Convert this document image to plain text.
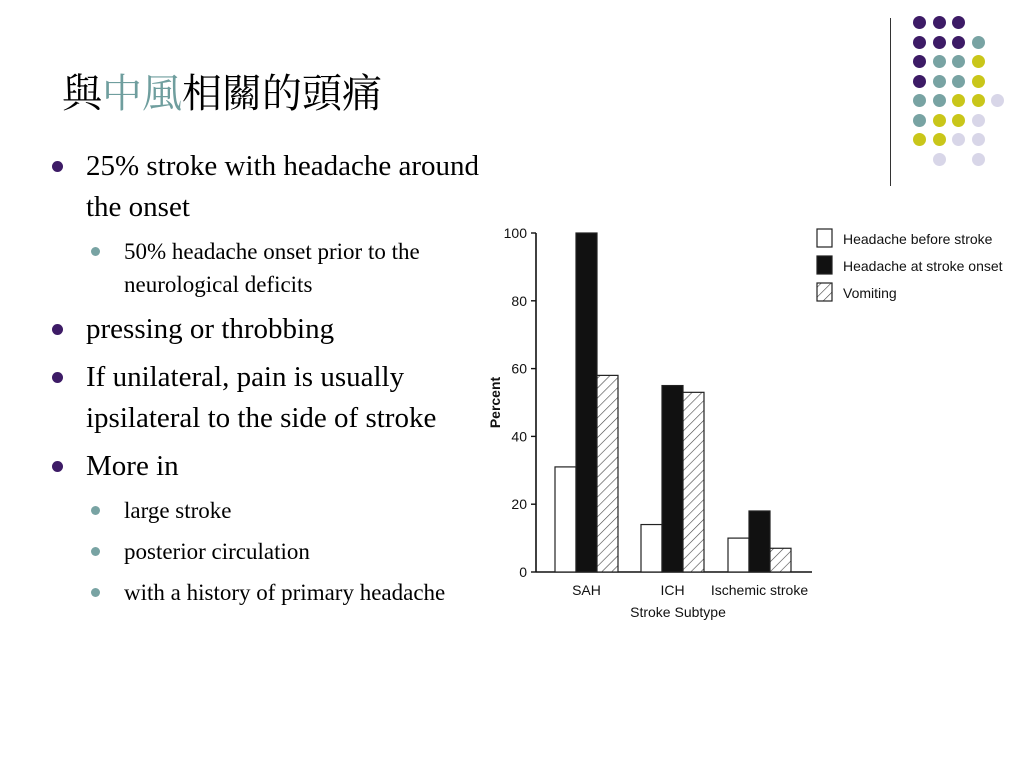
與中風相關的頭痛
25% stroke with headache around the onset
50% headache onset prior to the neurological deficits
pressing or throbbing
If unilateral, pain is usually ipsilateral to the side of stroke
More in
large stroke
posterior circulation
with a history of primary headache
0
20
40
60
80
100
Percent
Stroke Subtype
SAH	ICH Ischemic stroke
Headache before stroke
Headache at stroke onset
Vomiting
